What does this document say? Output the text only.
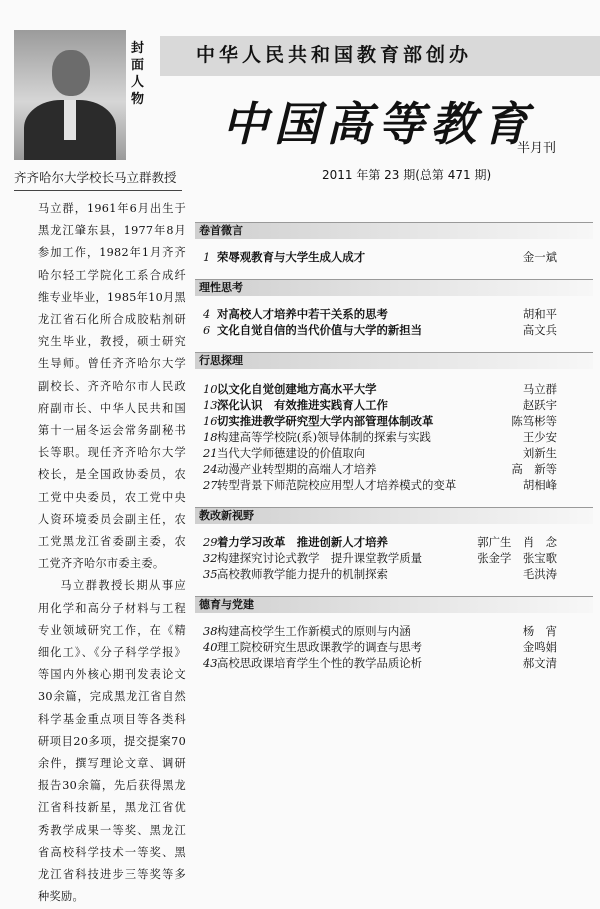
封面人物
齐齐哈尔大学校长马立群教授

马立群，1961年6月出生于黑龙江肇东县，1977年8月参加工作，1982年1月齐齐哈尔轻工学院化工系合成纤维专业毕业，1985年10月黑龙江省石化所合成胶粘剂研究生毕业，教授，硕士研究生导师。曾任齐齐哈尔大学副校长、齐齐哈尔市人民政府副市长、中华人民共和国第十一届冬运会常务副秘书长等职。现任齐齐哈尔大学校长，是全国政协委员，农工党中央委员，农工党中央人资环境委员会副主任，农工党黑龙江省委副主委，农工党齐齐哈尔市委主委。

马立群教授长期从事应用化学和高分子材料与工程专业领域研究工作，在《精细化工》、《分子科学学报》等国内外核心期刊发表论文30余篇，完成黑龙江省自然科学基金重点项目等各类科研项目20多项，提交提案70余件，撰写理论文章、调研报告30余篇，先后获得黑龙江省科技新星，黑龙江省优秀教学成果一等奖、黑龙江省高校科学技术一等奖、黑龙江省科技进步三等奖等多种奖励。

中华人民共和国教育部创办
中国高等教育
半月刊
2011 年第 23 期(总第 471 期)
卷首微言
1 荣辱观教育与大学生成人成才	金一斌
理性思考
4 对高校人才培养中若干关系的思考	胡和平
6 文化自觉自信的当代价值与大学的新担当	高文兵
行思探理
10 以文化自觉创建地方高水平大学	马立群
13 深化认识　有效推进实践育人工作	赵跃宇
16 切实推进教学研究型大学内部管理体制改革	陈笃彬等
18 构建高等学校院(系)领导体制的探索与实践	王少安
21 当代大学师德建设的价值取向	刘新生
24 动漫产业转型期的高端人才培养	高　新等
27 转型背景下师范院校应用型人才培养模式的变革	胡相峰
教改新视野
29 着力学习改革　推进创新人才培养	郭广生　肖　念
32 构建探究讨论式教学　提升课堂教学质量	张金学　张宝歌
35 高校教师教学能力提升的机制探索	毛洪涛
德育与党建
38 构建高校学生工作新模式的原则与内涵	杨　宵
40 理工院校研究生思政课教学的调查与思考	金鸣娟
43 高校思政课培育学生个性的教学品质论析	郝文清
